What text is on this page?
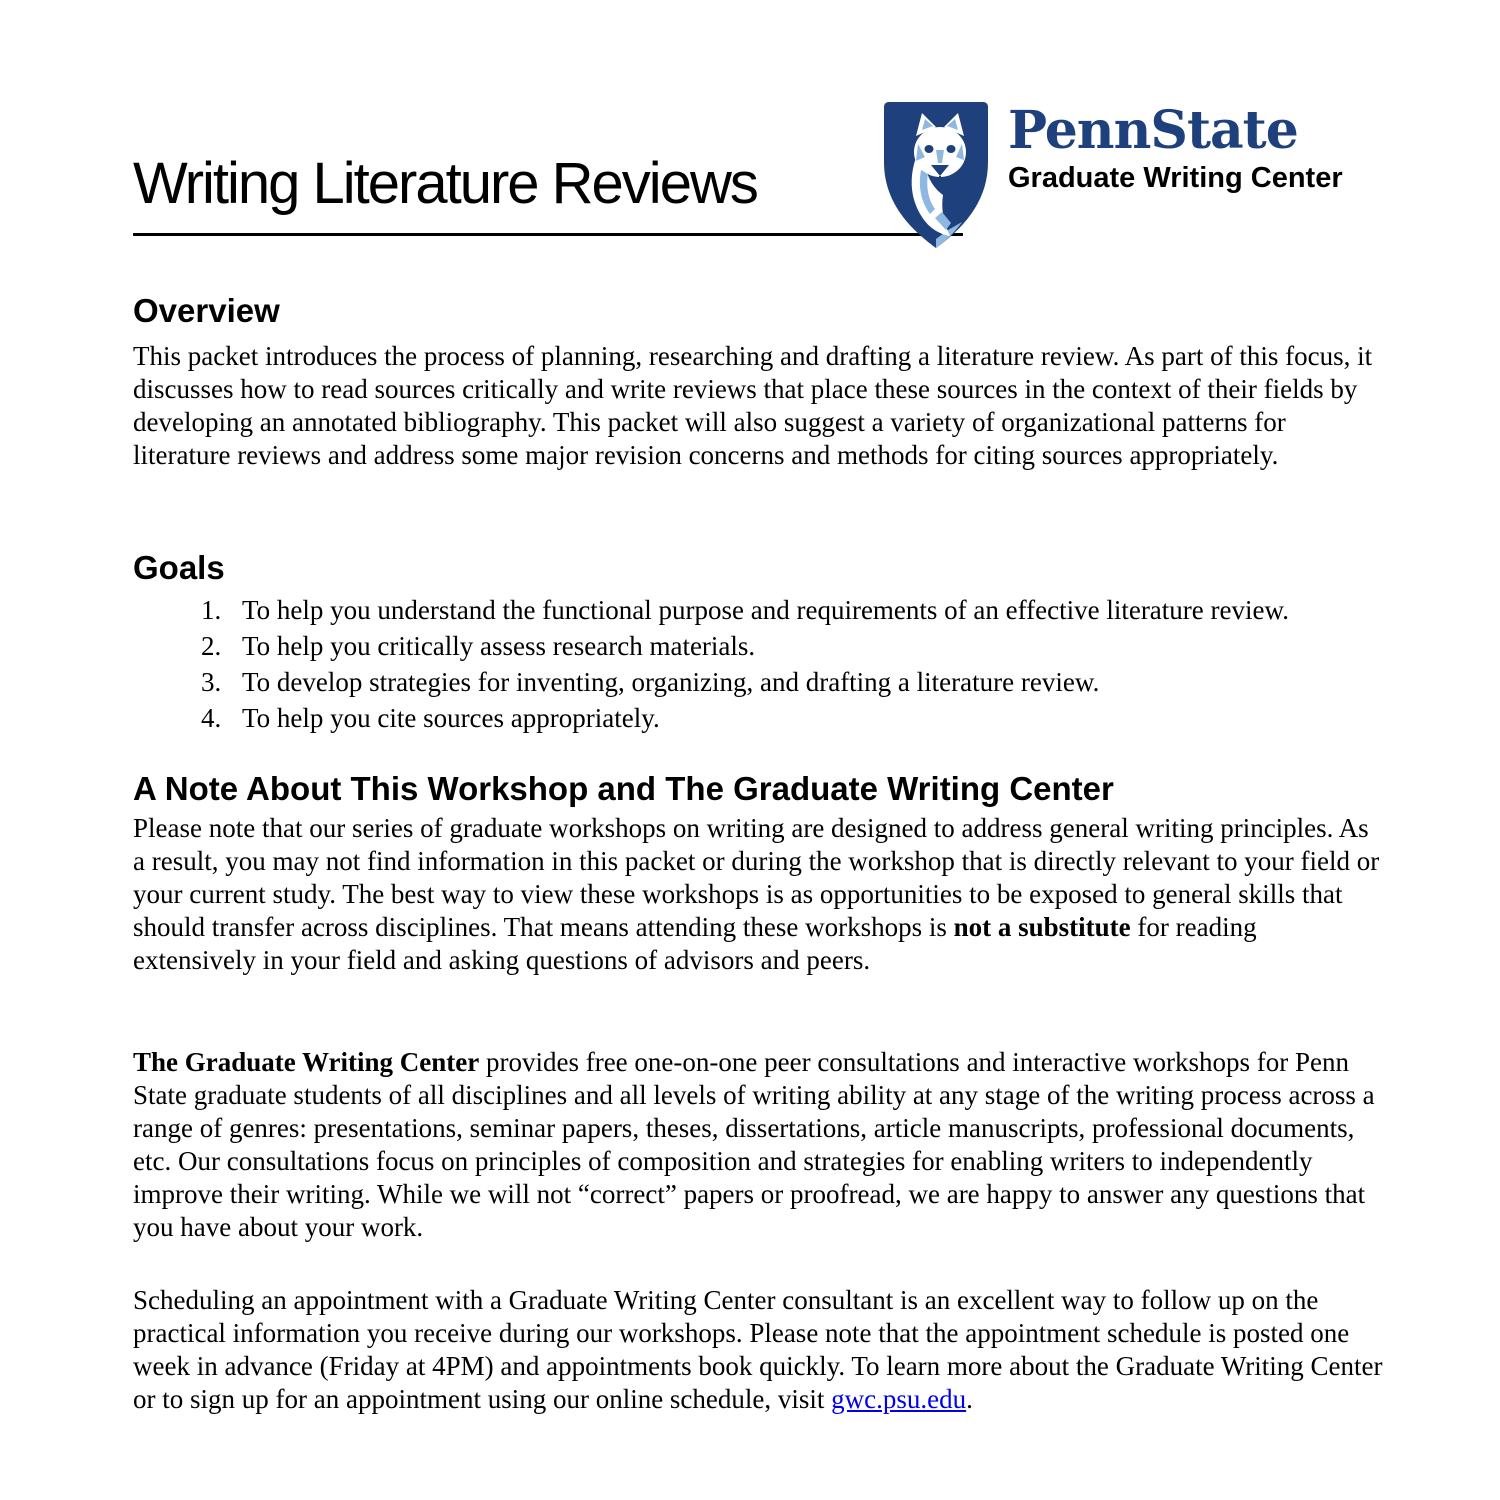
Writing Literature Reviews
PennState
Graduate Writing Center
Overview

This packet introduces the process of planning, researching and drafting a literature review. As part of this focus, it discusses how to read sources critically and write reviews that place these sources in the context of their fields by developing an annotated bibliography. This packet will also suggest a variety of organizational patterns for literature reviews and address some major revision concerns and methods for citing sources appropriately.

Goals
1. To help you understand the functional purpose and requirements of an effective literature review.
2. To help you critically assess research materials.
3. To develop strategies for inventing, organizing, and drafting a literature review.
4. To help you cite sources appropriately.
A Note About This Workshop and The Graduate Writing Center

Please note that our series of graduate workshops on writing are designed to address general writing principles. As a result, you may not find information in this packet or during the workshop that is directly relevant to your field or your current study. The best way to view these workshops is as opportunities to be exposed to general skills that should transfer across disciplines. That means attending these workshops is not a substitute for reading extensively in your field and asking questions of advisors and peers.

The Graduate Writing Center provides free one-on-one peer consultations and interactive workshops for Penn State graduate students of all disciplines and all levels of writing ability at any stage of the writing process across a range of genres: presentations, seminar papers, theses, dissertations, article manuscripts, professional documents, etc. Our consultations focus on principles of composition and strategies for enabling writers to independently improve their writing. While we will not “correct” papers or proofread, we are happy to answer any questions that you have about your work.

Scheduling an appointment with a Graduate Writing Center consultant is an excellent way to follow up on the practical information you receive during our workshops. Please note that the appointment schedule is posted one week in advance (Friday at 4PM) and appointments book quickly. To learn more about the Graduate Writing Center or to sign up for an appointment using our online schedule, visit gwc.psu.edu.
